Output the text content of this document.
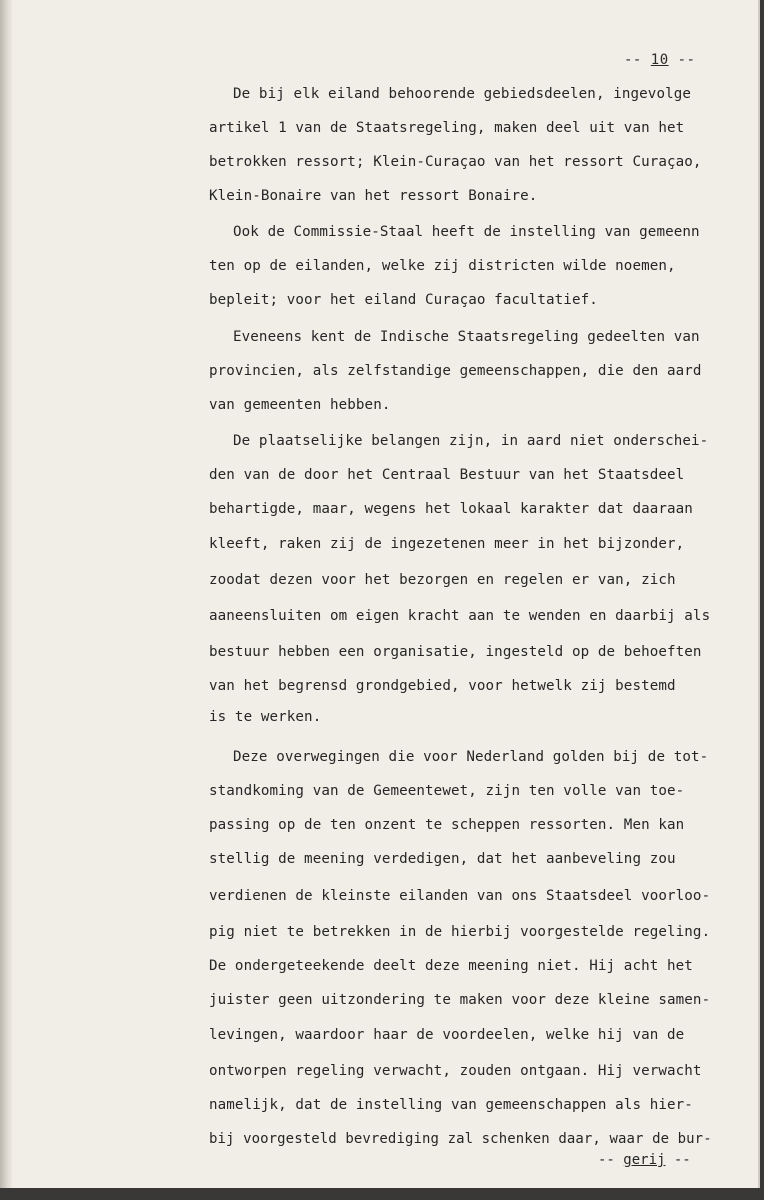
-- 10 --
De bij elk eiland behoorende gebiedsdeelen, ingevolge
artikel 1 van de Staatsregeling, maken deel uit van het
betrokken ressort; Klein-Curaçao van het ressort Curaçao,
Klein-Bonaire van het ressort Bonaire.
Ook de Commissie-Staal heeft de instelling van gemeenn
ten op de eilanden, welke zij districten wilde noemen,
bepleit; voor het eiland Curaçao facultatief.
Eveneens kent de Indische Staatsregeling gedeelten van
provincien, als zelfstandige gemeenschappen, die den aard
van gemeenten hebben.
De plaatselijke belangen zijn, in aard niet onderschei-
den van de door het Centraal Bestuur van het Staatsdeel
behartigde, maar, wegens het lokaal karakter dat daaraan
kleeft, raken zij de ingezetenen meer in het bijzonder,
zoodat dezen voor het bezorgen en regelen er van, zich
aaneensluiten om eigen kracht aan te wenden en daarbij als
bestuur hebben een organisatie, ingesteld op de behoeften
van het begrensd grondgebied, voor hetwelk zij bestemd
is te werken.
Deze overwegingen die voor Nederland golden bij de tot-
standkoming van de Gemeentewet, zijn ten volle van toe-
passing op de ten onzent te scheppen ressorten. Men kan
stellig de meening verdedigen, dat het aanbeveling zou
verdienen de kleinste eilanden van ons Staatsdeel voorloo-
pig niet te betrekken in de hierbij voorgestelde regeling.
De ondergeteekende deelt deze meening niet. Hij acht het
juister geen uitzondering te maken voor deze kleine samen-
levingen, waardoor haar de voordeelen, welke hij van de
ontworpen regeling verwacht, zouden ontgaan. Hij verwacht
namelijk, dat de instelling van gemeenschappen als hier-
bij voorgesteld bevrediging zal schenken daar, waar de bur-
-- gerij --
